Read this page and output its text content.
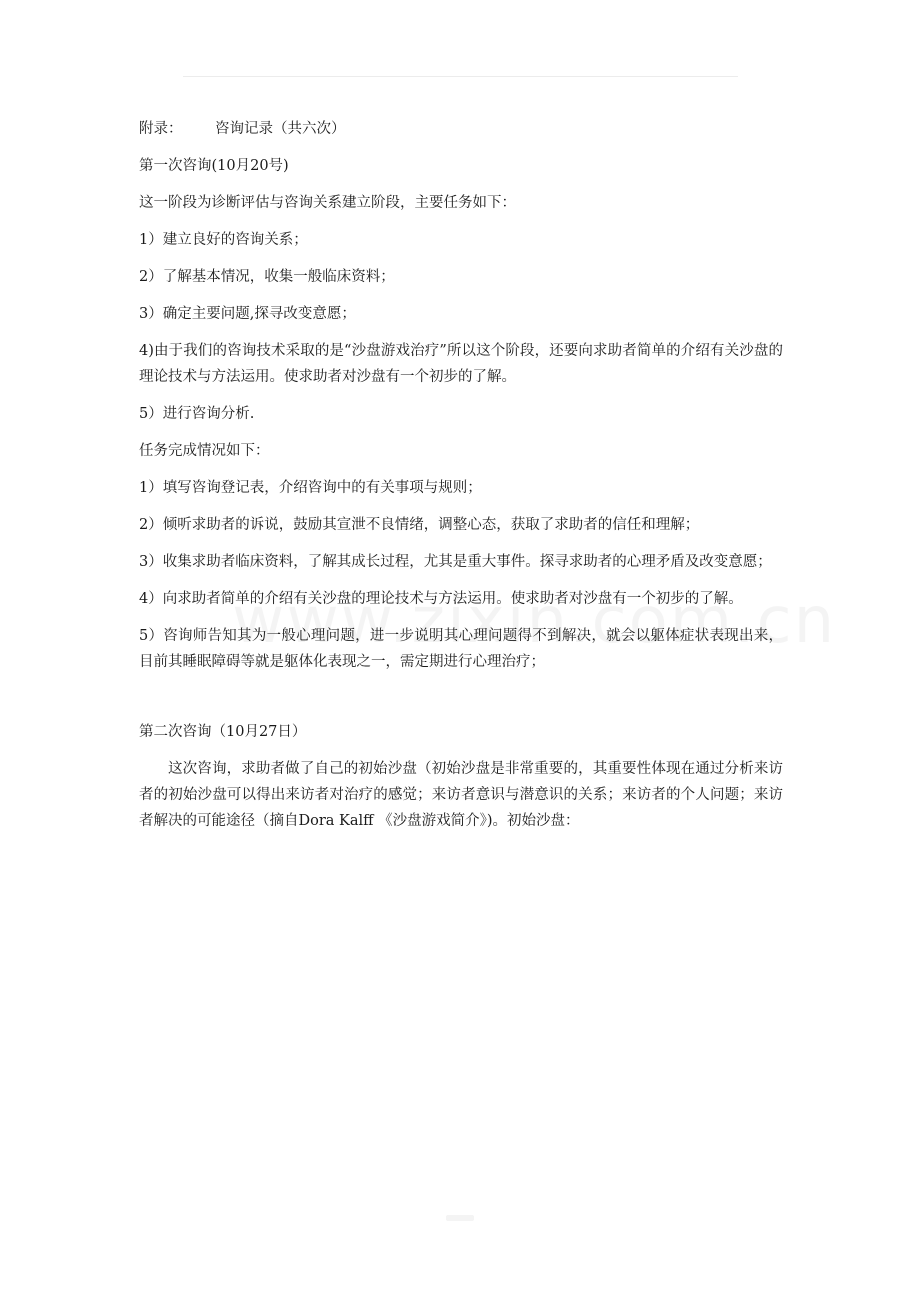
附录：	咨询记录（共六次）

第一次咨询(10月20号)

这一阶段为诊断评估与咨询关系建立阶段，主要任务如下：

1）建立良好的咨询关系；

2）了解基本情况，收集一般临床资料；

3）确定主要问题,探寻改变意愿；

4)由于我们的咨询技术采取的是“沙盘游戏治疗”所以这个阶段，还要向求助者简单的介绍有关沙盘的理论技术与方法运用。使求助者对沙盘有一个初步的了解。

5）进行咨询分析.

任务完成情况如下：

1）填写咨询登记表，介绍咨询中的有关事项与规则；

2）倾听求助者的诉说，鼓励其宣泄不良情绪，调整心态，获取了求助者的信任和理解；

3）收集求助者临床资料，了解其成长过程，尤其是重大事件。探寻求助者的心理矛盾及改变意愿；

4）向求助者简单的介绍有关沙盘的理论技术与方法运用。使求助者对沙盘有一个初步的了解。

5）咨询师告知其为一般心理问题，进一步说明其心理问题得不到解决，就会以躯体症状表现出来，目前其睡眠障碍等就是躯体化表现之一，需定期进行心理治疗；

第二次咨询（10月27日）

这次咨询，求助者做了自己的初始沙盘（初始沙盘是非常重要的，其重要性体现在通过分析来访者的初始沙盘可以得出来访者对治疗的感觉；来访者意识与潜意识的关系；来访者的个人问题；来访者解决的可能途径（摘自Dora Kalff 《沙盘游戏简介》)。初始沙盘：
